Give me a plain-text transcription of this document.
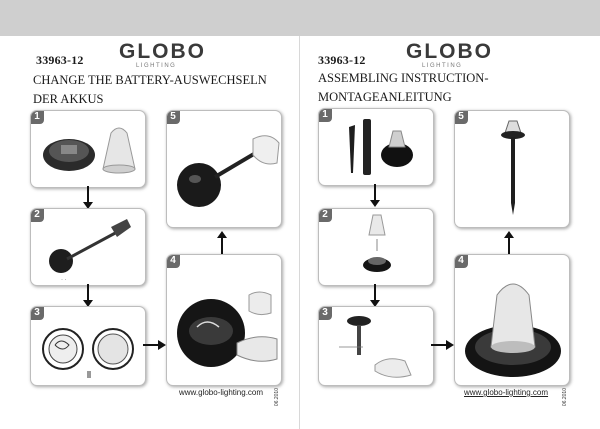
33963-12 GLOBO
LIGHTING
CHANGE THE BATTERY-AUSWECHSELN
DER AKKUS
1
2
· ·
3
4
5
www.globo-lighting.com 06.2010
33963-12 GLOBO
LIGHTING
ASSEMBLING INSTRUCTION-
MONTAGEANLEITUNG
1
2
3
4
5
www.globo-lighting.com	06.2010
